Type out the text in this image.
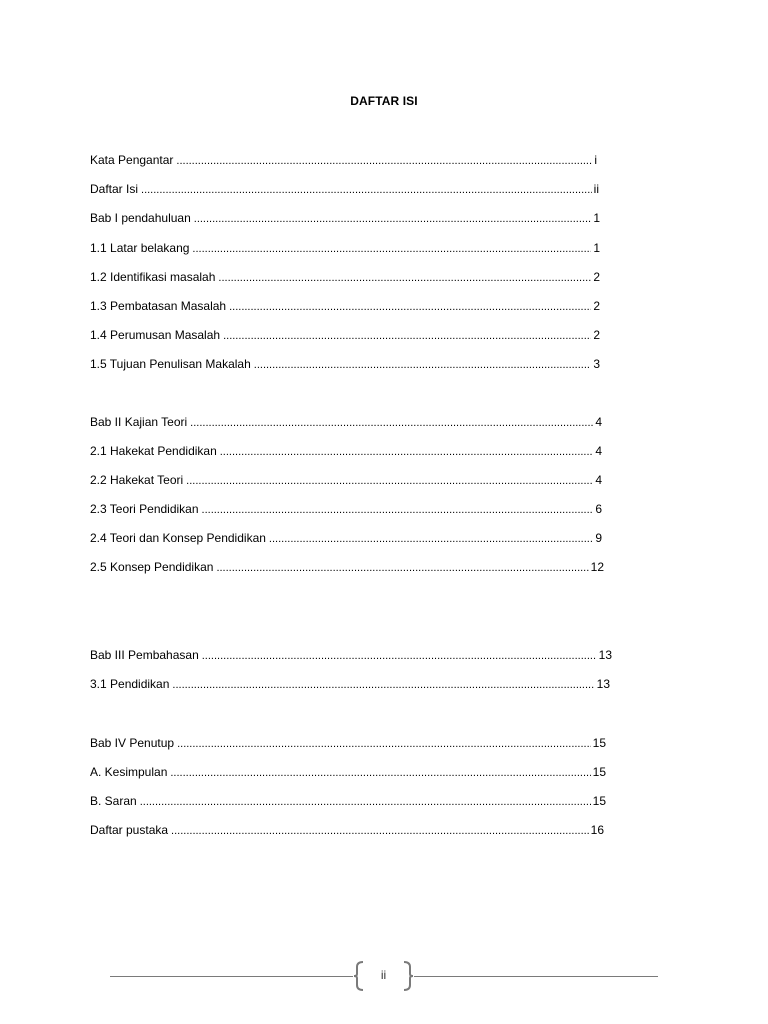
DAFTAR ISI
Kata Pengantar .....	i
Daftar Isi .....	ii
Bab I pendahuluan .....	1
1.1 Latar belakang .....	1
1.2 Identifikasi masalah .....	2
1.3 Pembatasan Masalah .....	2
1.4 Perumusan Masalah .....	2
1.5 Tujuan Penulisan Makalah .....	3
Bab II Kajian Teori .....	4
2.1 Hakekat Pendidikan .....	4
2.2 Hakekat Teori .....	4
2.3 Teori Pendidikan .....	6
2.4 Teori dan Konsep Pendidikan .....	9
2.5 Konsep Pendidikan .....	12
Bab III Pembahasan .....	13
3.1 Pendidikan .....	13
Bab IV Penutup .....	15
A. Kesimpulan .....	15
B. Saran .....	15
Daftar pustaka .....	16
ii
